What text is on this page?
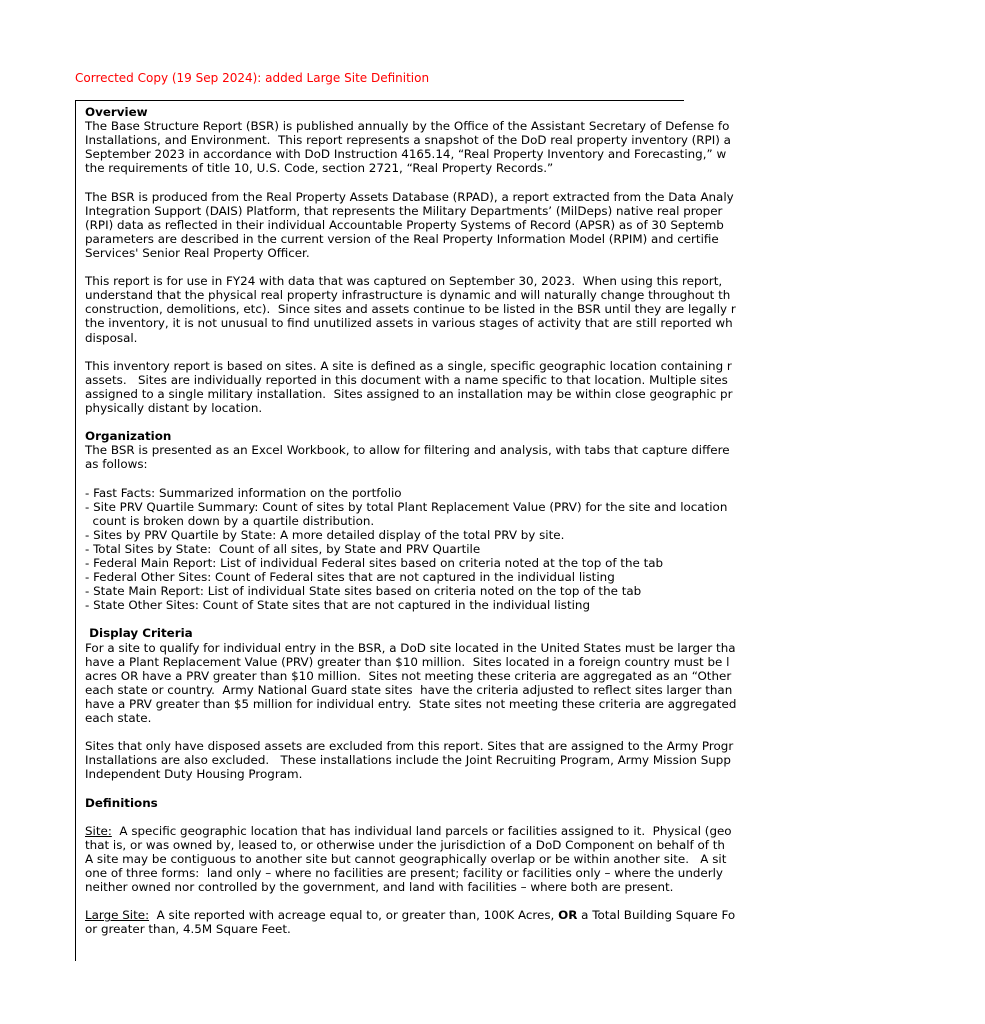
Corrected Copy (19 Sep 2024): added Large Site Definition
Overview
The Base Structure Report (BSR) is published annually by the Office of the Assistant Secretary of Defense fo
Installations, and Environment.  This report represents a snapshot of the DoD real property inventory (RPI) a
September 2023 in accordance with DoD Instruction 4165.14, “Real Property Inventory and Forecasting,” w
the requirements of title 10, U.S. Code, section 2721, “Real Property Records.”
The BSR is produced from the Real Property Assets Database (RPAD), a report extracted from the Data Analy
Integration Support (DAIS) Platform, that represents the Military Departments’ (MilDeps) native real proper
(RPI) data as reflected in their individual Accountable Property Systems of Record (APSR) as of 30 Septemb
parameters are described in the current version of the Real Property Information Model (RPIM) and certifie
Services' Senior Real Property Officer.
This report is for use in FY24 with data that was captured on September 30, 2023.  When using this report,
understand that the physical real property infrastructure is dynamic and will naturally change throughout th
construction, demolitions, etc).  Since sites and assets continue to be listed in the BSR until they are legally r
the inventory, it is not unusual to find unutilized assets in various stages of activity that are still reported wh
disposal.
This inventory report is based on sites. A site is defined as a single, specific geographic location containing r
assets.   Sites are individually reported in this document with a name specific to that location. Multiple sites
assigned to a single military installation.  Sites assigned to an installation may be within close geographic pr
physically distant by location.
Organization
The BSR is presented as an Excel Workbook, to allow for filtering and analysis, with tabs that capture differe
as follows:
- Fast Facts: Summarized information on the portfolio
- Site PRV Quartile Summary: Count of sites by total Plant Replacement Value (PRV) for the site and location
count is broken down by a quartile distribution.
- Sites by PRV Quartile by State: A more detailed display of the total PRV by site.
- Total Sites by State:  Count of all sites, by State and PRV Quartile
- Federal Main Report: List of individual Federal sites based on criteria noted at the top of the tab
- Federal Other Sites: Count of Federal sites that are not captured in the individual listing
- State Main Report: List of individual State sites based on criteria noted on the top of the tab
- State Other Sites: Count of State sites that are not captured in the individual listing
Display Criteria
For a site to qualify for individual entry in the BSR, a DoD site located in the United States must be larger tha
have a Plant Replacement Value (PRV) greater than $10 million.  Sites located in a foreign country must be l
acres OR have a PRV greater than $10 million.  Sites not meeting these criteria are aggregated as an “Other
each state or country.  Army National Guard state sites  have the criteria adjusted to reflect sites larger than
have a PRV greater than $5 million for individual entry.  State sites not meeting these criteria are aggregated
each state.
Sites that only have disposed assets are excluded from this report. Sites that are assigned to the Army Progr
Installations are also excluded.   These installations include the Joint Recruiting Program, Army Mission Supp
Independent Duty Housing Program.
Definitions
Site:  A specific geographic location that has individual land parcels or facilities assigned to it.  Physical (geo
that is, or was owned by, leased to, or otherwise under the jurisdiction of a DoD Component on behalf of th
A site may be contiguous to another site but cannot geographically overlap or be within another site.   A sit
one of three forms:  land only – where no facilities are present; facility or facilities only – where the underly
neither owned nor controlled by the government, and land with facilities – where both are present.
Large Site:  A site reported with acreage equal to, or greater than, 100K Acres, OR a Total Building Square Fo
or greater than, 4.5M Square Feet.
